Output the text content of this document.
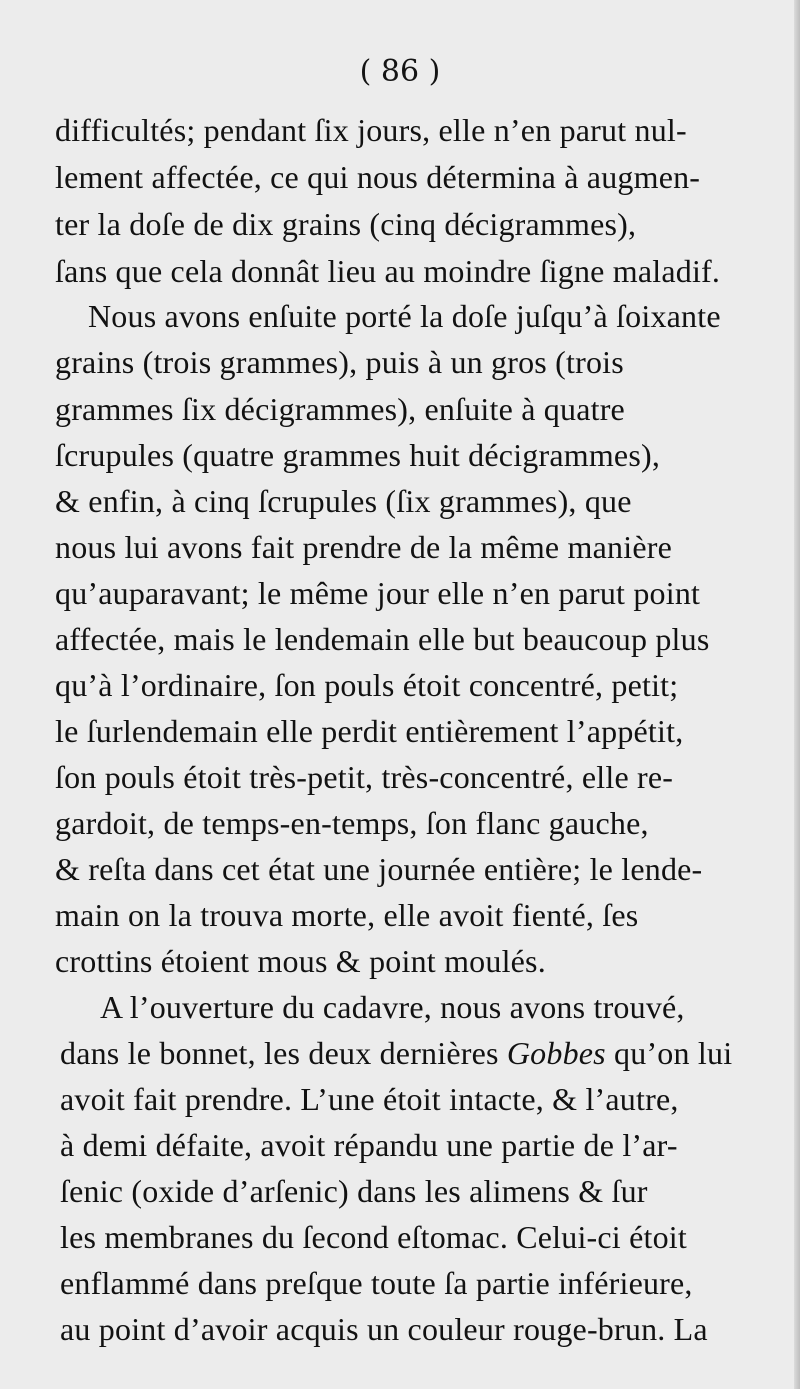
( 86 )
difficultés; pendant ſix jours, elle n’en parut nul-
lement affectée, ce qui nous détermina à augmen-
ter la doſe de dix grains (cinq décigrammes),
ſans que cela donnât lieu au moindre ſigne maladif.
Nous avons enſuite porté la doſe juſqu’à ſoixante
grains (trois grammes), puis à un gros (trois
grammes ſix décigrammes), enſuite à quatre
ſcrupules (quatre grammes huit décigrammes),
& enfin, à cinq ſcrupules (ſix grammes), que
nous lui avons fait prendre de la même manière
qu’auparavant; le même jour elle n’en parut point
affectée, mais le lendemain elle but beaucoup plus
qu’à l’ordinaire, ſon pouls étoit concentré, petit;
le ſurlendemain elle perdit entièrement l’appétit,
ſon pouls étoit très-petit, très-concentré, elle re-
gardoit, de temps-en-temps, ſon flanc gauche,
& reſta dans cet état une journée entière; le lende-
main on la trouva morte, elle avoit fienté, ſes
crottins étoient mous & point moulés.
A l’ouverture du cadavre, nous avons trouvé,
dans le bonnet, les deux dernières Gobbes qu’on lui
avoit fait prendre. L’une étoit intacte, & l’autre,
à demi défaite, avoit répandu une partie de l’ar-
ſenic (oxide d’arſenic) dans les alimens & ſur
les membranes du ſecond eſtomac. Celui-ci étoit
enflammé dans preſque toute ſa partie inférieure,
au point d’avoir acquis un couleur rouge-brun. La
